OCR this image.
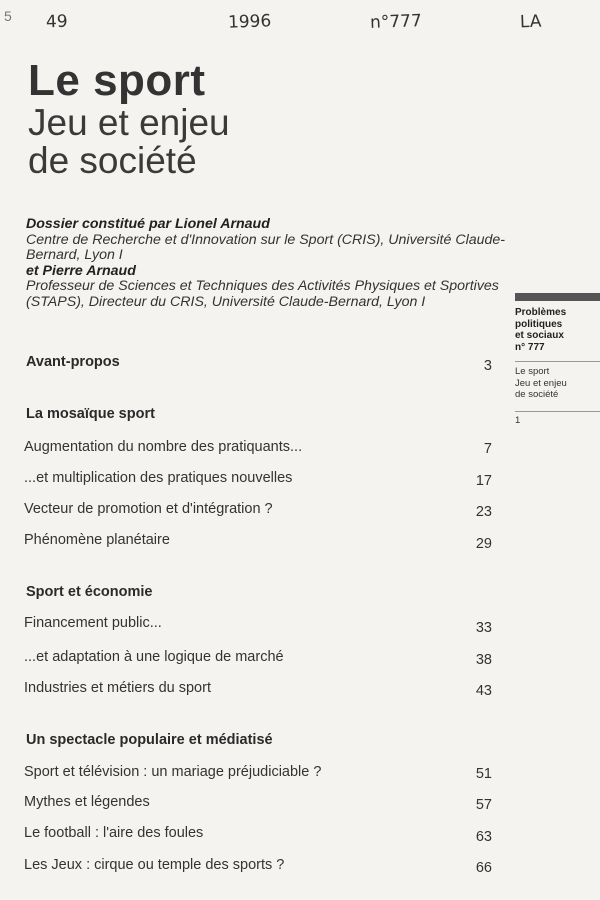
5 49	1996	n°777	LA
Le sport
Jeu et enjeu
de société
Dossier constitué par Lionel Arnaud
Centre de Recherche et d'Innovation sur le Sport (CRIS), Université Claude-Bernard, Lyon I
et Pierre Arnaud
Professeur de Sciences et Techniques des Activités Physiques et Sportives (STAPS), Directeur du CRIS, Université Claude-Bernard, Lyon I
Problèmes
politiques
et sociaux
n° 777
Le sport
Jeu et enjeu
de société
1
Avant-propos	3
La mosaïque sport
Augmentation du nombre des pratiquants...	7
...et multiplication des pratiques nouvelles	17
Vecteur de promotion et d'intégration ?	23
Phénomène planétaire	29
Sport et économie
Financement public...	33
...et adaptation à une logique de marché	38
Industries et métiers du sport	43
Un spectacle populaire et médiatisé
Sport et télévision : un mariage préjudiciable ?	51
Mythes et légendes	57
Le football : l'aire des foules	63
Les Jeux : cirque ou temple des sports ?	66
